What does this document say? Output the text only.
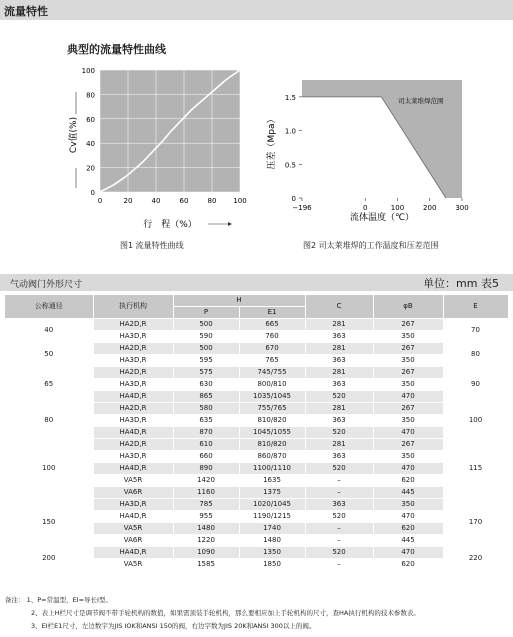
流量特性
典型的流量特性曲线
0
20
40
60
80
100
0	20	40	60	80 100
Cv值(%)
行　程（%）
图1 流量特性曲线
0
0.5
1.0
1.5
−196	0	100	200	300
司太莱堆焊范围
压差（Mpa）
流体温度（℃）
图2 司太莱堆焊的工作温度和压差范围
气动阀门外形尺寸	单位：mm 表5
公称通径	执行机构	H		C	φB	E
		P	E1			
40	HA2D,R	500	665	281	267	70
	HA3D,R	590	760	363	350	
50	HA2D,R	500	670	281	267	80
	HA3D,R	595	765	363	350	
65	HA2D,R	575	745/755	281	267	90
	HA3D,R	630	800/810	363	350	
	HA4D,R	865	1035/1045	520	470	
80	HA2D,R	580	755/765	281	267	100
	HA3D,R	635	810/820	363	350	
	HA4D,R	870	1045/1055	520	470	
100	HA2D,R	610	810/820	281	267	115
	HA3D,R	660	860/870	363	350	
	HA4D,R	890	1100/1110	520	470	
	VA5R	1420	1635	–	620	
	VA6R	1160	1375	–	445	
150	HA3D,R	785	1020/1045	363	350	170
	HA4D,R	955	1190/1215	520	470	
	VA5R	1480	1740	–	620	
	VA6R	1220	1480	–	445	
200	HA4D,R	1090	1350	520	470	220
	VA5R	1585	1850	–	620	
备注： 1、P=常温型，EI=导长I型。
2、表上H栏尺寸是调节阀不带手轮机构的数值，如果需顶装手轮机构，那么要相应加上手轮机构的尺寸，查HA执行机构的技术参数表。
3、EI栏E1尺寸，左边数字为JIS IOK和ANSI 150的阀，右边字数为JIS 20K和ANSI 300以上的阀。
